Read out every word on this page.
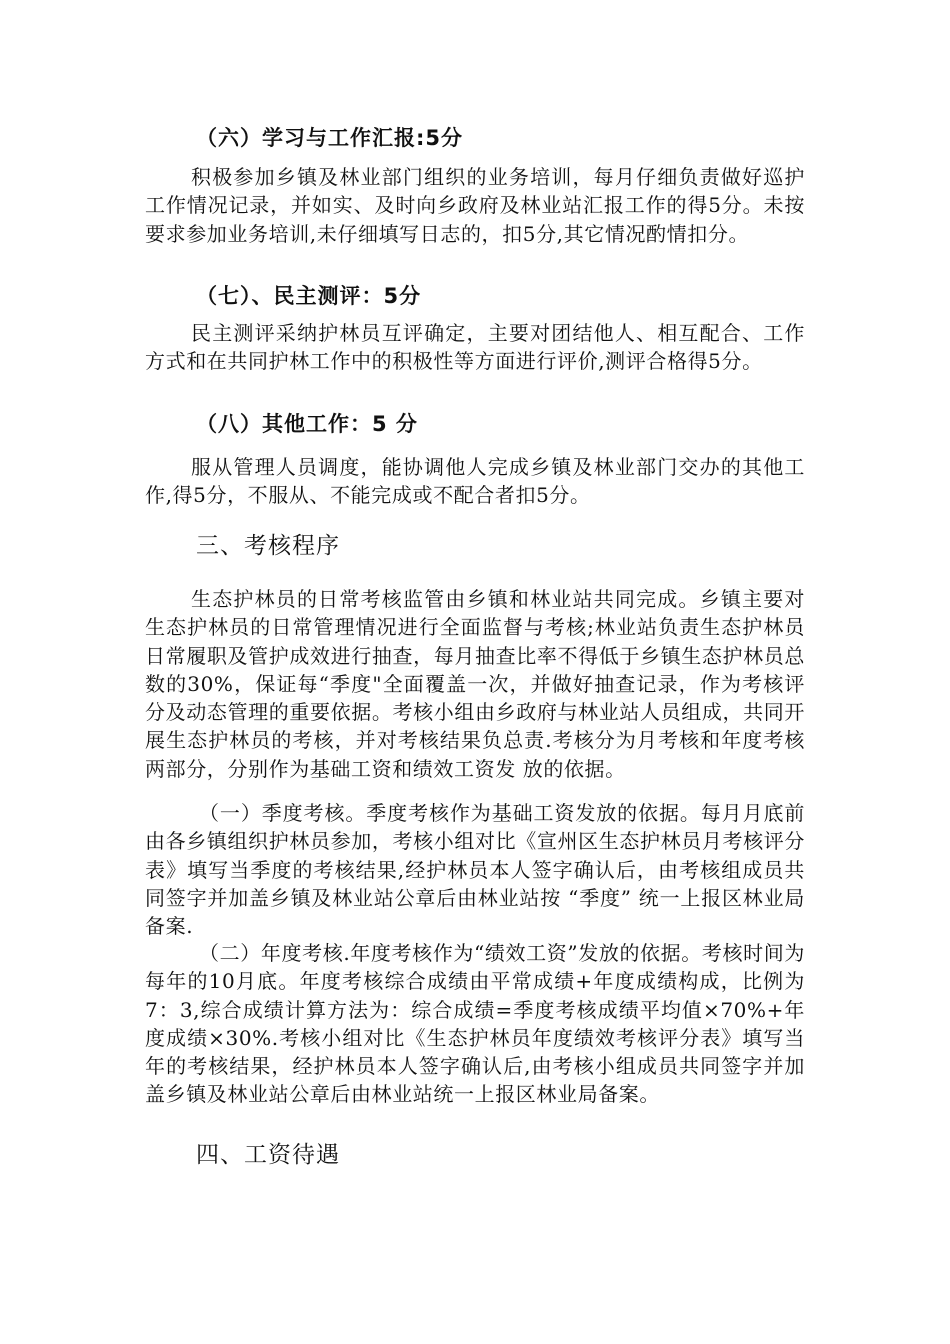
（六）学习与工作汇报:5分
积极参加乡镇及林业部门组织的业务培训，每月仔细负责做好巡护工作情况记录，并如实、及时向乡政府及林业站汇报工作的得5分。未按要求参加业务培训,未仔细填写日志的，扣5分,其它情况酌情扣分。
（七）、民主测评：5分
民主测评采纳护林员互评确定，主要对团结他人、相互配合、工作方式和在共同护林工作中的积极性等方面进行评价,测评合格得5分。
（八）其他工作：5 分
服从管理人员调度，能协调他人完成乡镇及林业部门交办的其他工作,得5分，不服从、不能完成或不配合者扣5分。
三、考核程序
生态护林员的日常考核监管由乡镇和林业站共同完成。乡镇主要对生态护林员的日常管理情况进行全面监督与考核;林业站负责生态护林员日常履职及管护成效进行抽查，每月抽查比率不得低于乡镇生态护林员总数的30%，保证每“季度"全面覆盖一次，并做好抽查记录，作为考核评分及动态管理的重要依据。考核小组由乡政府与林业站人员组成，共同开展生态护林员的考核，并对考核结果负总责.考核分为月考核和年度考核两部分，分别作为基础工资和绩效工资发 放的依据。
（一）季度考核。季度考核作为基础工资发放的依据。每月月底前由各乡镇组织护林员参加，考核小组对比《宣州区生态护林员月考核评分表》填写当季度的考核结果,经护林员本人签字确认后，由考核组成员共同签字并加盖乡镇及林业站公章后由林业站按 “季度” 统一上报区林业局备案.
（二）年度考核.年度考核作为“绩效工资”发放的依据。考核时间为每年的10月底。年度考核综合成绩由平常成绩+年度成绩构成，比例为7：3,综合成绩计算方法为：综合成绩=季度考核成绩平均值×70%+年度成绩×30%.考核小组对比《生态护林员年度绩效考核评分表》填写当年的考核结果，经护林员本人签字确认后,由考核小组成员共同签字并加盖乡镇及林业站公章后由林业站统一上报区林业局备案。
四、工资待遇
